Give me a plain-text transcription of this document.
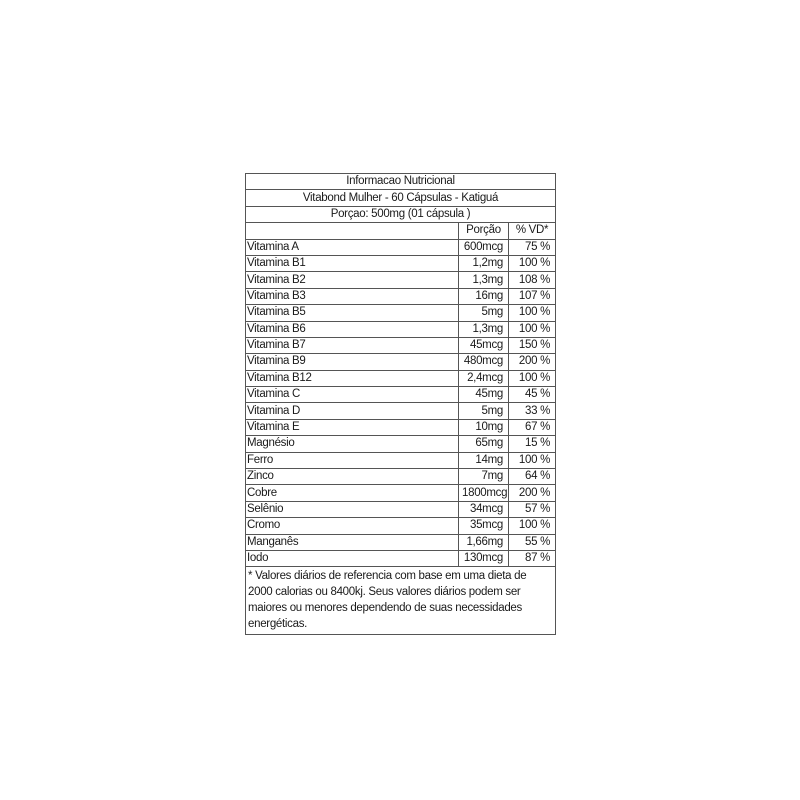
Informacao Nutricional		
Vitabond Mulher - 60 Cápsulas - Katiguá		
Porçao: 500mg (01 cápsula )		
	Porção	% VD*
Vitamina A	600mcg	75 %
Vitamina B1	1,2mg	100 %
Vitamina B2	1,3mg	108 %
Vitamina B3	16mg	107 %
Vitamina B5	5mg	100 %
Vitamina B6	1,3mg	100 %
Vitamina B7	45mcg	150 %
Vitamina B9	480mcg	200 %
Vitamina B12	2,4mcg	100 %
Vitamina C	45mg	45 %
Vitamina D	5mg	33 %
Vitamina E	10mg	67 %
Magnésio	65mg	15 %
Ferro	14mg	100 %
Zinco	7mg	64 %
Cobre	1800mcg	200 %
Selênio	34mcg	57 %
Cromo	35mcg	100 %
Manganês	1,66mg	55 %
Iodo	130mcg	87 %
* Valores diários de referencia com base em uma dieta de 2000 calorias ou 8400kj. Seus valores diários podem ser maiores ou menores dependendo de suas necessidades energéticas.		
